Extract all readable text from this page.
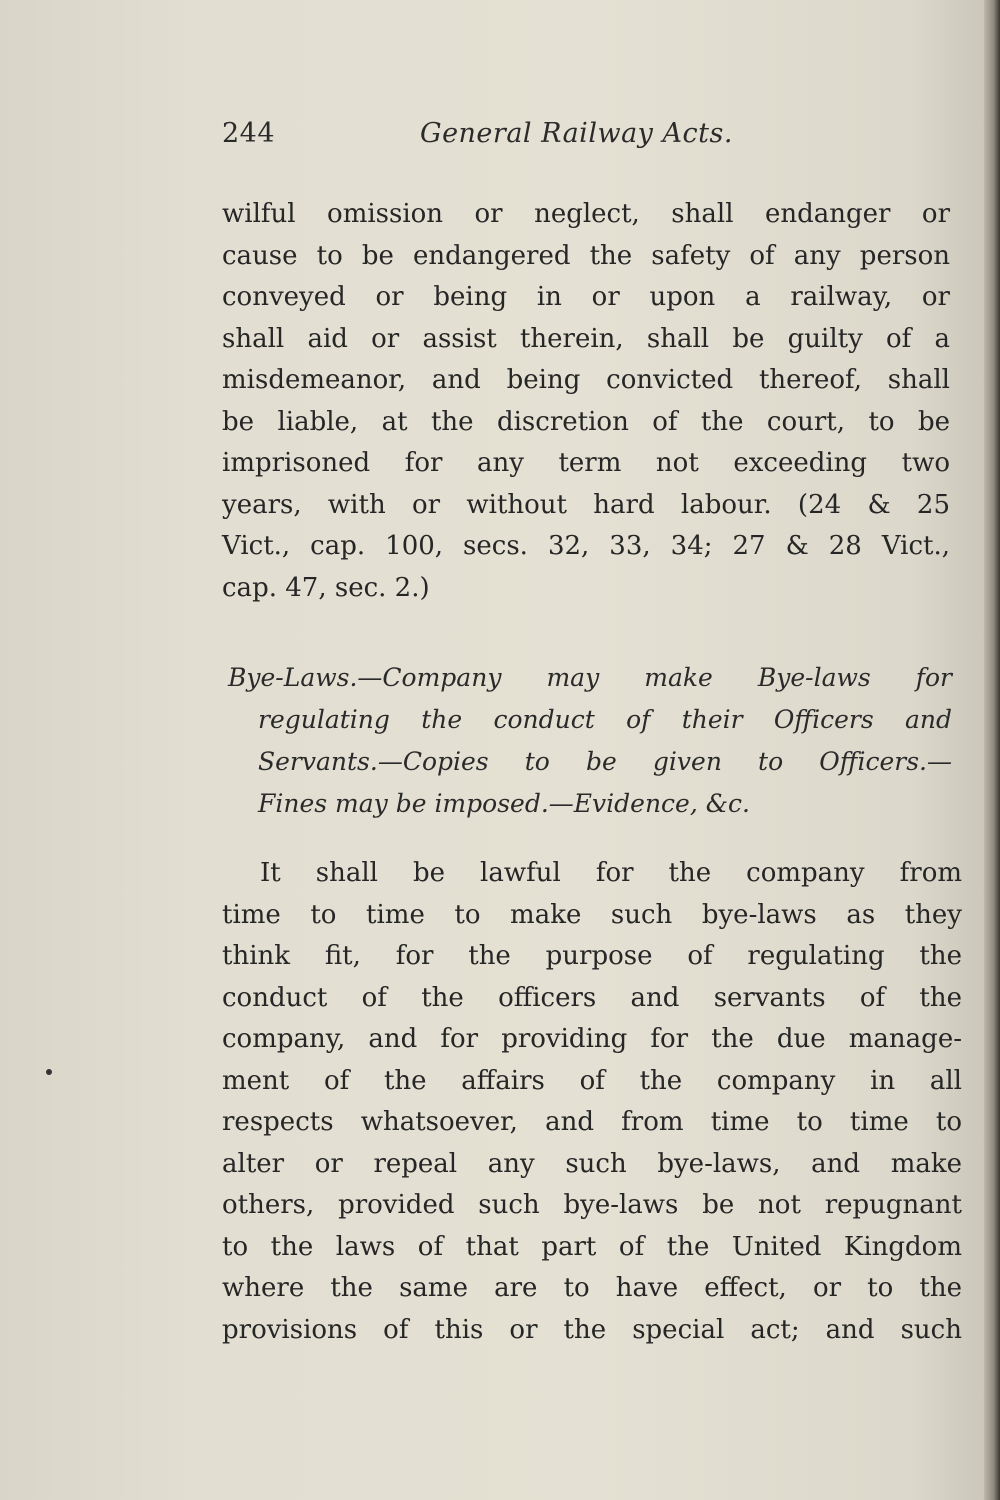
244	General Railway Acts.
wilful omission or neglect, shall endanger or
cause to be endangered the safety of any person
conveyed or being in or upon a railway, or
shall aid or assist therein, shall be guilty of a
misdemeanor, and being convicted thereof, shall
be liable, at the discretion of the court, to be
imprisoned for any term not exceeding two
years, with or without hard labour. (24 & 25
Vict., cap. 100, secs. 32, 33, 34; 27 & 28 Vict.,
cap. 47, sec. 2.)
Bye-Laws.—Company may make Bye-laws for
regulating the conduct of their Officers and
Servants.—Copies to be given to Officers.—
Fines may be imposed.—Evidence, &c.
It shall be lawful for the company from
time to time to make such bye-laws as they
think fit, for the purpose of regulating the
conduct of the officers and servants of the
company, and for providing for the due manage-
ment of the affairs of the company in all
respects whatsoever, and from time to time to
alter or repeal any such bye-laws, and make
others, provided such bye-laws be not repugnant
to the laws of that part of the United Kingdom
where the same are to have effect, or to the
provisions of this or the special act; and such
